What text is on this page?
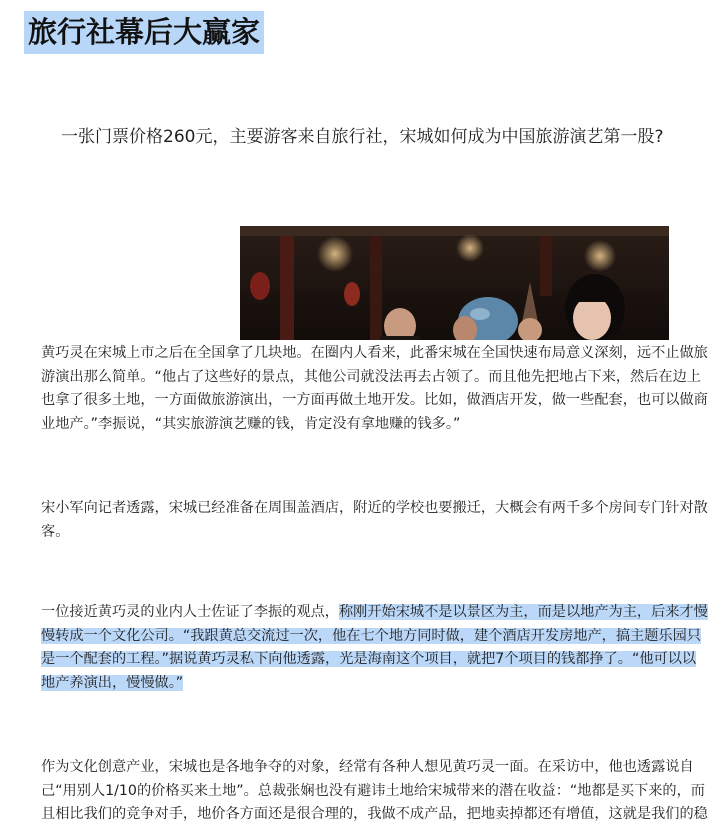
旅行社幕后大赢家
一张门票价格260元，主要游客来自旅行社，宋城如何成为中国旅游演艺第一股?
黄巧灵在宋城上市之后在全国拿了几块地。在圈内人看来，此番宋城在全国快速布局意义深刻，远不止做旅游演出那么简单。“他占了这些好的景点，其他公司就没法再去占领了。而且他先把地占下来，然后在边上也拿了很多土地，一方面做旅游演出，一方面再做土地开发。比如，做酒店开发，做一些配套，也可以做商业地产。”李振说，“其实旅游演艺赚的钱，肯定没有拿地赚的钱多。”
宋小军向记者透露，宋城已经准备在周围盖酒店，附近的学校也要搬迁，大概会有两千多个房间专门针对散客。
一位接近黄巧灵的业内人士佐证了李振的观点，称刚开始宋城不是以景区为主，而是以地产为主，后来才慢慢转成一个文化公司。“我跟黄总交流过一次，他在七个地方同时做，建个酒店开发房地产，搞主题乐园只是一个配套的工程。”据说黄巧灵私下向他透露，光是海南这个项目，就把7个项目的钱都挣了。“他可以以地产养演出，慢慢做。”
作为文化创意产业，宋城也是各地争夺的对象，经常有各种人想见黄巧灵一面。在采访中，他也透露说自己“用别人1/10的价格买来土地”。总裁张娴也没有避讳土地给宋城带来的潜在收益：“地都是买下来的，而且相比我们的竞争对手，地价各方面还是很合理的，我做不成产品，把地卖掉都还有增值，这就是我们的稳
